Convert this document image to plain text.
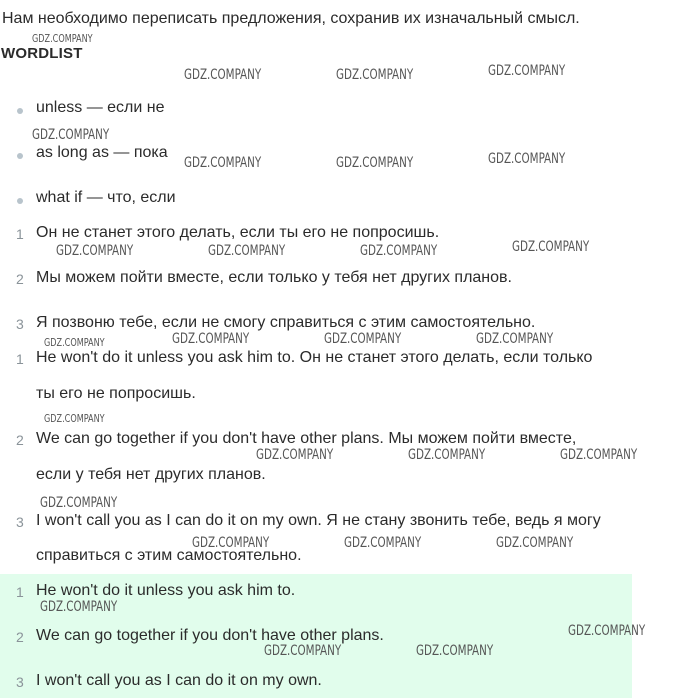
Нам необходимо переписать предложения, сохранив их изначальный смысл.
WORDLIST
unless — если не
as long as — пока
what if — что, если
1 Он не станет этого делать, если ты его не попросишь.
2 Мы можем пойти вместе, если только у тебя нет других планов.
3 Я позвоню тебе, если не смогу справиться с этим самостоятельно.
1 He won't do it unless you ask him to. Он не станет этого делать, если только
ты его не попросишь.
2 We can go together if you don't have other plans. Мы можем пойти вместе,
если у тебя нет других планов.
3 I won't call you as I can do it on my own. Я не стану звонить тебе, ведь я могу
справиться с этим самостоятельно.
1 He won't do it unless you ask him to.
2 We can go together if you don't have other plans.
3 I won't call you as I can do it on my own.
GDZ.COMPANY
GDZ.COMPANY	GDZ.COMPANY	GDZ.COMPANY
GDZ.COMPANY
GDZ.COMPANY	GDZ.COMPANY	GDZ.COMPANY
GDZ.COMPANY	GDZ.COMPANY	GDZ.COMPANY	GDZ.COMPANY
GDZ.COMPANY	GDZ.COMPANY	GDZ.COMPANY	GDZ.COMPANY
GDZ.COMPANY
GDZ.COMPANY	GDZ.COMPANY	GDZ.COMPANY
GDZ.COMPANY
GDZ.COMPANY	GDZ.COMPANY	GDZ.COMPANY
GDZ.COMPANY
GDZ.COMPANY
GDZ.COMPANY	GDZ.COMPANY
